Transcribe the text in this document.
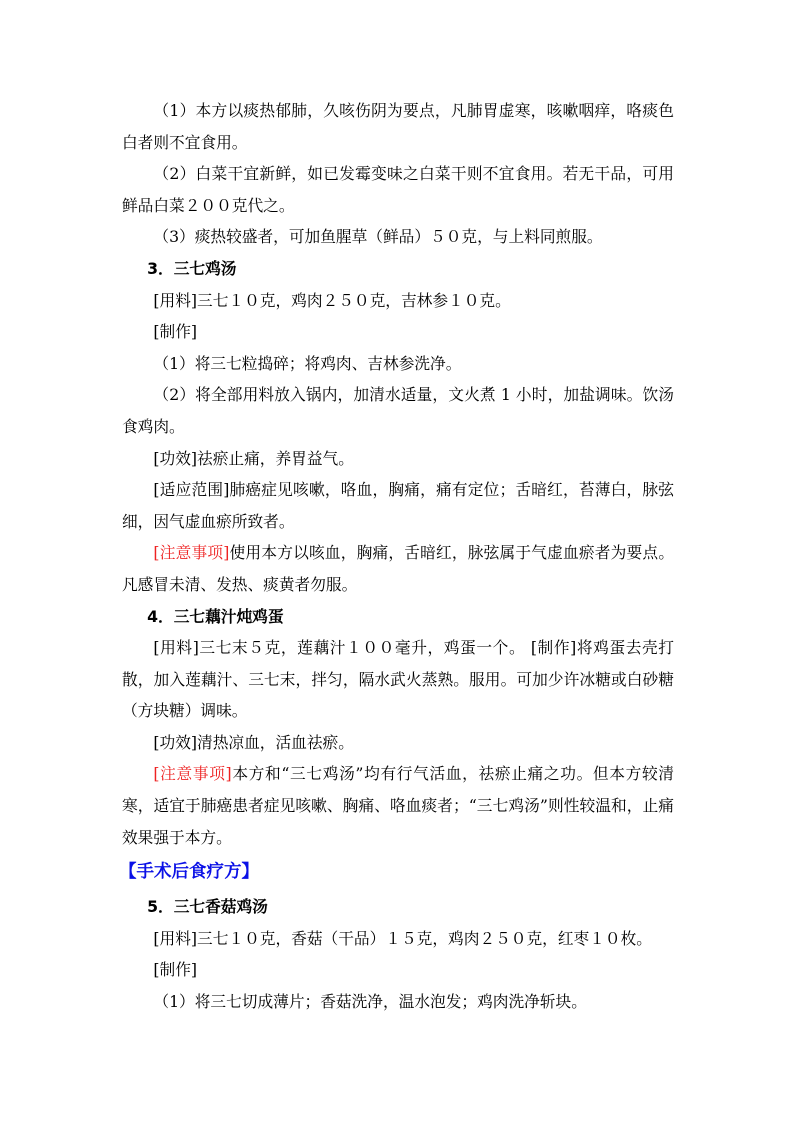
（1）本方以痰热郁肺，久咳伤阴为要点，凡肺胃虚寒，咳嗽咽痒，咯痰色白者则不宜食用。

（2）白菜干宜新鲜，如已发霉变味之白菜干则不宜食用。若无干品，可用鲜品白菜２００克代之。

（3）痰热较盛者，可加鱼腥草（鲜品）５０克，与上料同煎服。

3．三七鸡汤

[用料]三七１０克，鸡肉２５０克，吉林参１０克。

[制作]

（1）将三七粒捣碎；将鸡肉、吉林参洗净。

（2）将全部用料放入锅内，加清水适量，文火煮 1 小时，加盐调味。饮汤食鸡肉。

[功效]祛瘀止痛，养胃益气。

[适应范围]肺癌症见咳嗽，咯血，胸痛，痛有定位；舌暗红，苔薄白，脉弦细，因气虚血瘀所致者。

[注意事项]使用本方以咳血，胸痛，舌暗红，脉弦属于气虚血瘀者为要点。凡感冒未清、发热、痰黄者勿服。

4．三七藕汁炖鸡蛋

[用料]三七末５克，莲藕汁１００毫升，鸡蛋一个。 [制作]将鸡蛋去壳打散，加入莲藕汁、三七末，拌匀，隔水武火蒸熟。服用。可加少许冰糖或白砂糖（方块糖）调味。

[功效]清热凉血，活血祛瘀。

[注意事项]本方和“三七鸡汤”均有行气活血，祛瘀止痛之功。但本方较清寒，适宜于肺癌患者症见咳嗽、胸痛、咯血痰者；“三七鸡汤”则性较温和，止痛效果强于本方。

【手术后食疗方】

5．三七香菇鸡汤

[用料]三七１０克，香菇（干品）１５克，鸡肉２５０克，红枣１０枚。

[制作]

（1）将三七切成薄片；香菇洗净，温水泡发；鸡肉洗净斩块。
